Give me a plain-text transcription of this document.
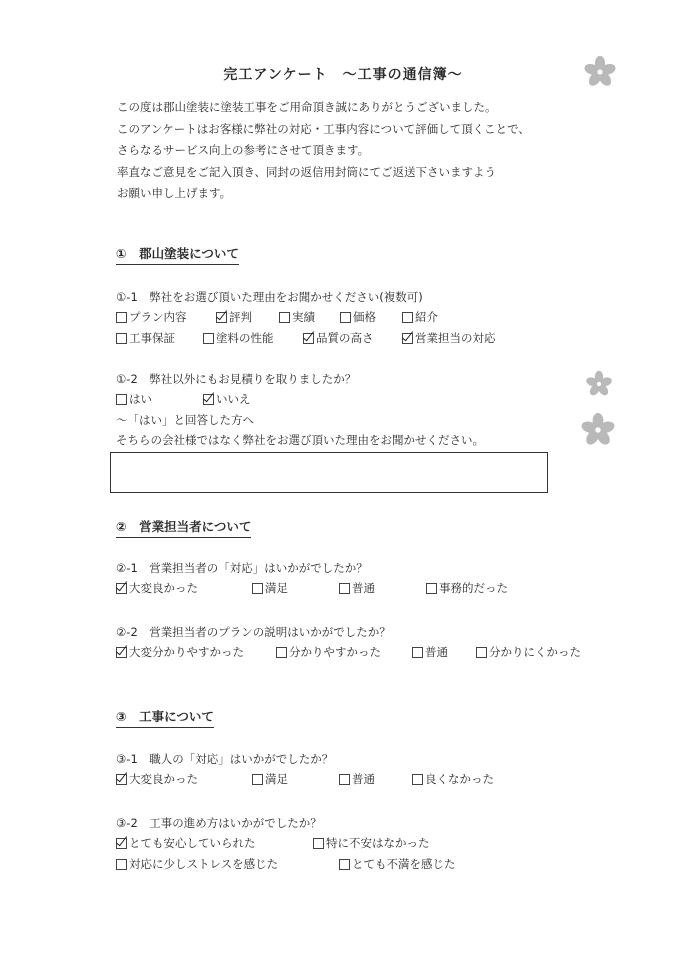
完工アンケート　～工事の通信簿～
この度は郡山塗装に塗装工事をご用命頂き誠にありがとうございました。
このアンケートはお客様に弊社の対応・工事内容について評価して頂くことで、
さらなるサービス向上の参考にさせて頂きます。
率直なご意見をご記入頂き、同封の返信用封筒にてご返送下さいますよう
お願い申し上げます。
①　郡山塗装について
①-1　弊社をお選び頂いた理由をお聞かせください(複数可)
プラン内容	評判	実績	価格	紹介
工事保証	塗料の性能	品質の高さ	営業担当の対応
①-2　弊社以外にもお見積りを取りましたか？
はい	いいえ
～「はい」と回答した方へ
そちらの会社様ではなく弊社をお選び頂いた理由をお聞かせください。
②　営業担当者について
②-1　営業担当者の「対応」はいかがでしたか？
大変良かった	満足	普通	事務的だった
②-2　営業担当者のプランの説明はいかがでしたか？
大変分かりやすかった	分かりやすかった	普通	分かりにくかった
③　工事について
③-1　職人の「対応」はいかがでしたか？
大変良かった	満足	普通	良くなかった
③-2　工事の進め方はいかがでしたか？
とても安心していられた	特に不安はなかった
対応に少しストレスを感じた	とても不満を感じた
